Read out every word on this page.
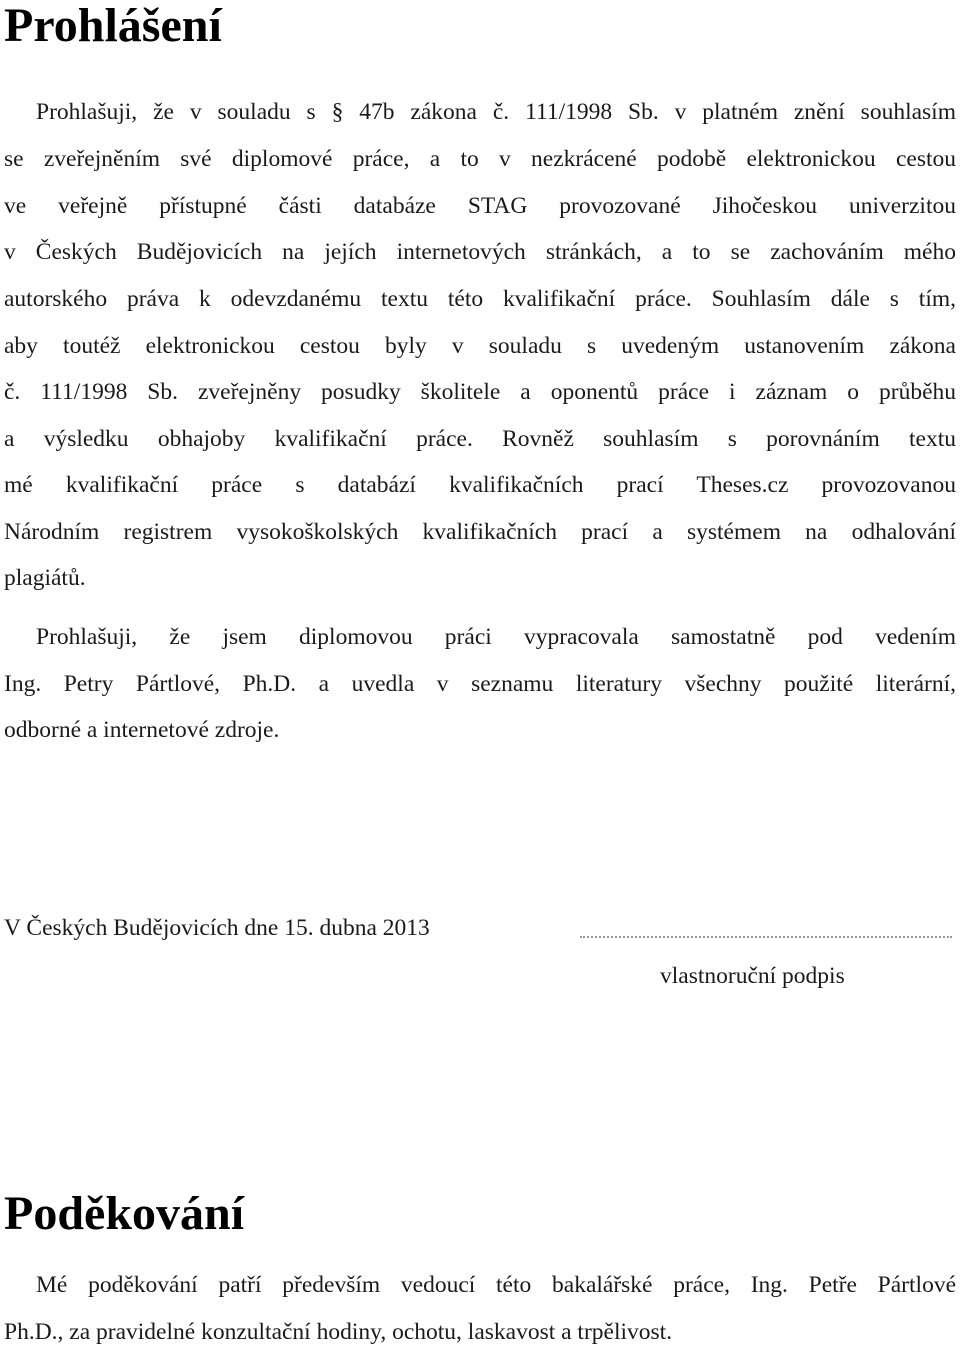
Prohlášení
Prohlašuji, že v souladu s § 47b zákona č. 111/1998 Sb. v platném znění souhlasím
se zveřejněním své diplomové práce, a to v nezkrácené podobě elektronickou cestou
ve veřejně přístupné části databáze STAG provozované Jihočeskou univerzitou
v Českých Budějovicích na jejích internetových stránkách, a to se zachováním mého
autorského práva k odevzdanému textu této kvalifikační práce. Souhlasím dále s tím,
aby toutéž elektronickou cestou byly v souladu s uvedeným ustanovením zákona
č. 111/1998 Sb. zveřejněny posudky školitele a oponentů práce i záznam o průběhu
a výsledku obhajoby kvalifikační práce. Rovněž souhlasím s porovnáním textu
mé kvalifikační práce s databází kvalifikačních prací Theses.cz provozovanou
Národním registrem vysokoškolských kvalifikačních prací a systémem na odhalování
plagiátů.
Prohlašuji, že jsem diplomovou práci vypracovala samostatně pod vedením
Ing. Petry Pártlové, Ph.D. a uvedla v seznamu literatury všechny použité literární,
odborné a internetové zdroje.
V Českých Budějovicích dne 15. dubna 2013
vlastnoruční podpis
Poděkování
Mé poděkování patří především vedoucí této bakalářské práce, Ing. Petře Pártlové
Ph.D., za pravidelné konzultační hodiny, ochotu, laskavost a trpělivost.
